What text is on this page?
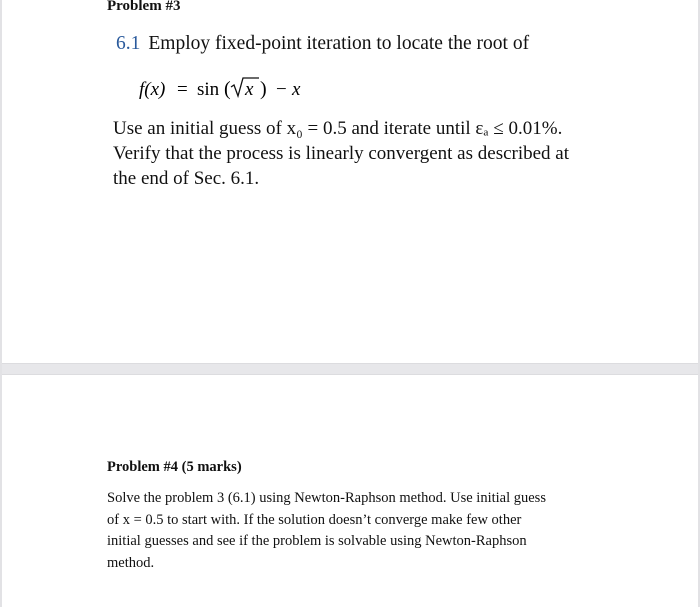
Problem #3
6.1 Employ fixed-point iteration to locate the root of
f(x) = sin ( x ) − x
Use an initial guess of x₀ = 0.5 and iterate until εₐ ≤ 0.01%.
Verify that the process is linearly convergent as described at
the end of Sec. 6.1.
Problem #4 (5 marks)
Solve the problem 3 (6.1) using Newton-Raphson method. Use initial guess
of x = 0.5 to start with. If the solution doesn’t converge make few other
initial guesses and see if the problem is solvable using Newton-Raphson
method.
